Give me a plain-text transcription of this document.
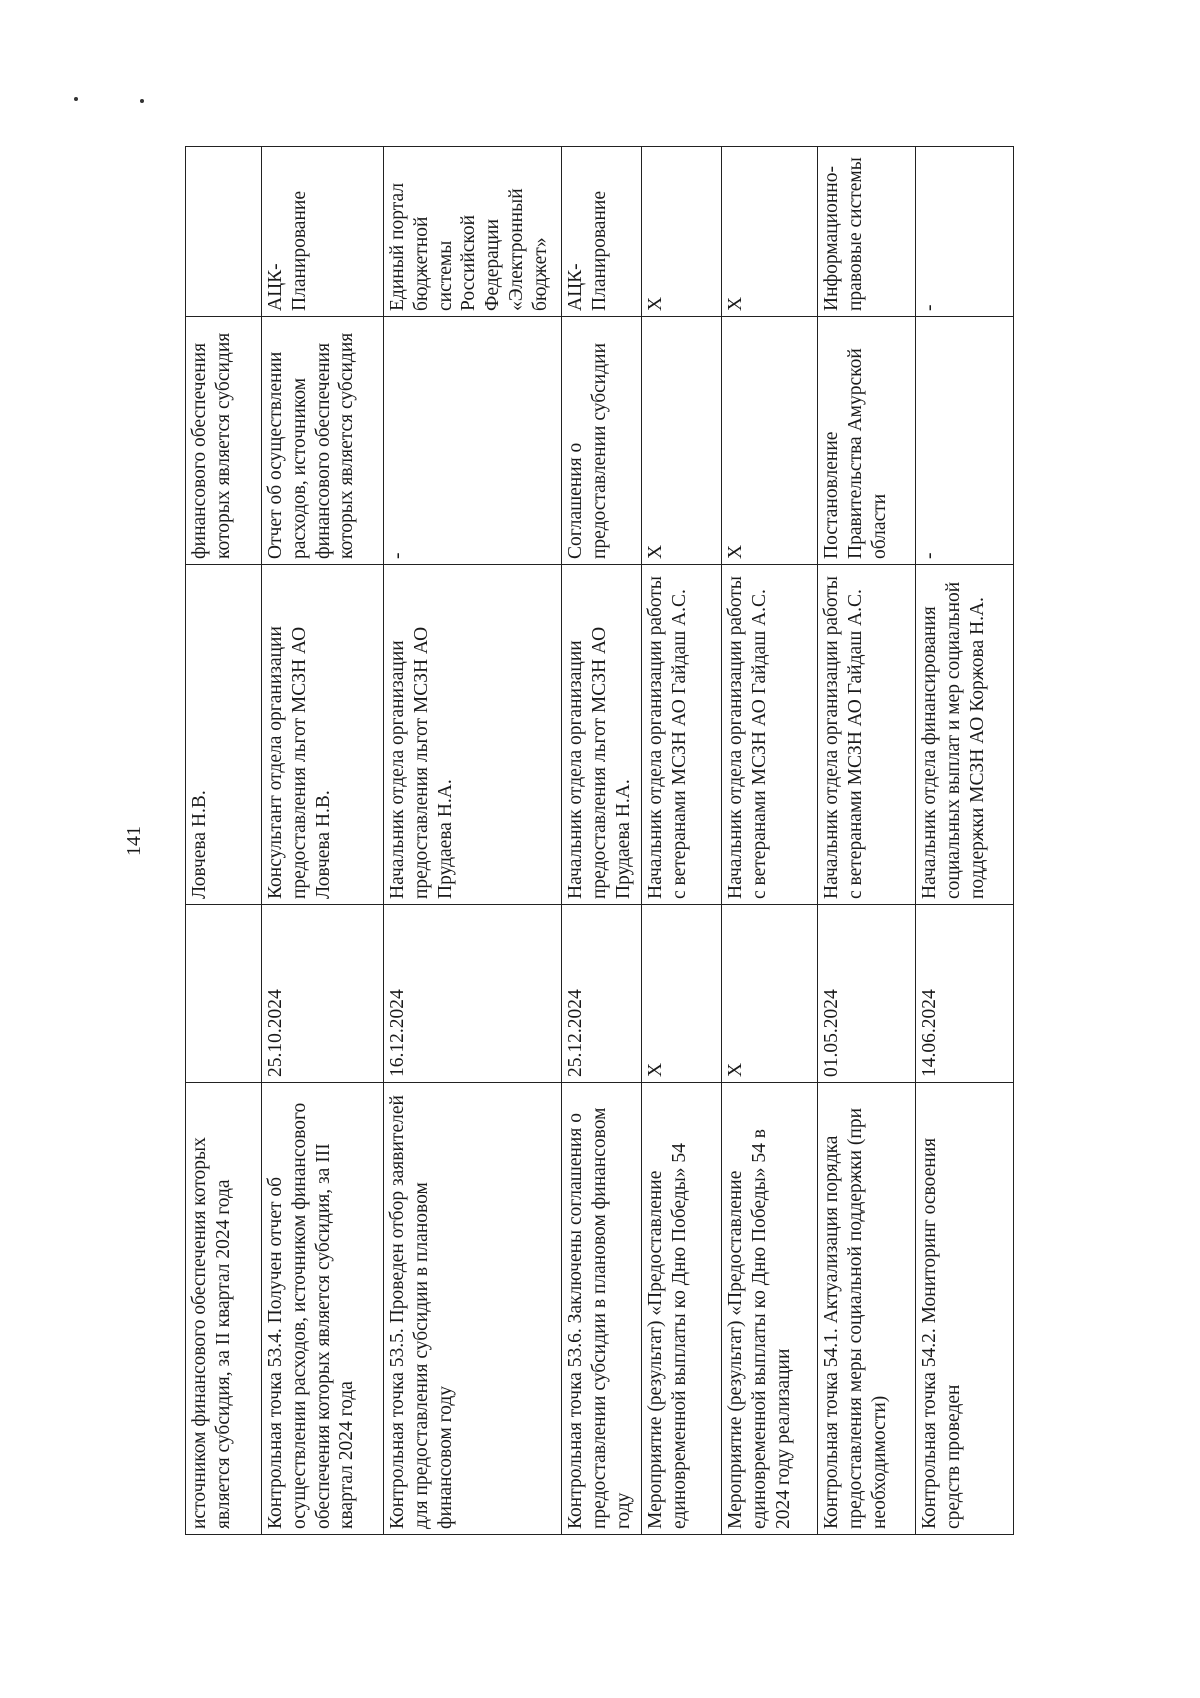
141
источником финансового обеспечения которых является субсидия, за II квартал 2024 года		Ловчева Н.В.	финансового обеспечения которых является субсидия	
Контрольная точка 53.4. Получен отчет об осуществлении расходов, источником финансового обеспечения которых является субсидия, за III квартал 2024 года	25.10.2024	Консультант отдела организации предоставления льгот МСЗН АО Ловчева Н.В.	Отчет об осуществлении расходов, источником финансового обеспечения которых является субсидия	АЦК-Планирование
Контрольная точка 53.5. Проведен отбор заявителей для предоставления субсидии в плановом финансовом году	16.12.2024	Начальник отдела организации предоставления льгот МСЗН АО Прудаева Н.А.	-	Единый портал бюджетной системы Российской Федерации «Электронный бюджет»
Контрольная точка 53.6. Заключены соглашения о предоставлении субсидии в плановом финансовом году	25.12.2024	Начальник отдела организации предоставления льгот МСЗН АО Прудаева Н.А.	Соглашения о предоставлении субсидии	АЦК-Планирование
Мероприятие (результат) «Предоставление единовременной выплаты ко Дню Победы» 54	X	Начальник отдела организации работы с ветеранами МСЗН АО Гайдаш А.С.	X	X
Мероприятие (результат) «Предоставление единовременной выплаты ко Дню Победы» 54 в 2024 году реализации	X	Начальник отдела организации работы с ветеранами МСЗН АО Гайдаш А.С.	X	X
Контрольная точка 54.1. Актуализация порядка предоставления меры социальной поддержки (при необходимости)	01.05.2024	Начальник отдела организации работы с ветеранами МСЗН АО Гайдаш А.С.	Постановление Правительства Амурской области	Информационно-правовые системы
Контрольная точка 54.2. Мониторинг освоения средств проведен	14.06.2024	Начальник отдела финансирования социальных выплат и мер социальной поддержки МСЗН АО Коржова Н.А.	-	-
